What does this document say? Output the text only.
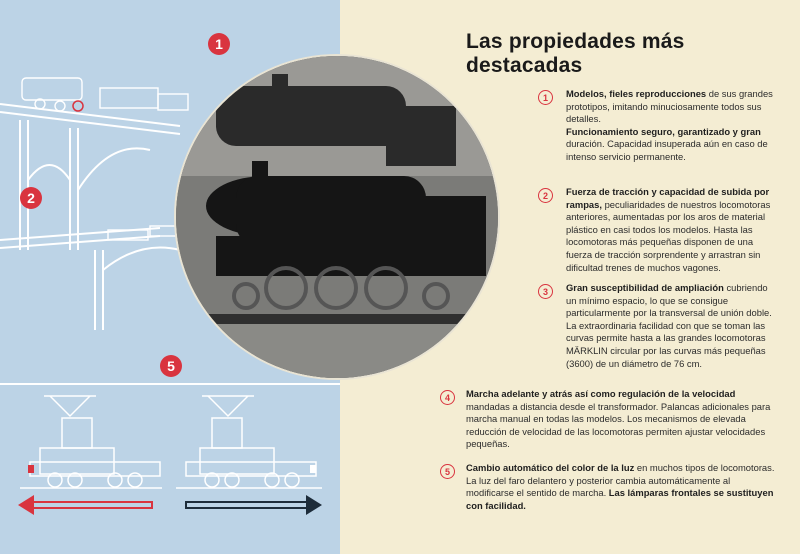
1
2
5
Las propiedades más destacadas
1	Modelos, fieles reproducciones de sus grandes prototipos, imitando minuciosamente todos sus detalles.

Funcionamiento seguro, garantizado y gran duración. Capacidad insuperada aún en caso de intenso servicio permanente.

2	Fuerza de tracción y capacidad de subida por rampas, peculiaridades de nuestros locomotoras anteriores, aumentadas por los aros de material plástico en casi todos los modelos. Hasta las locomotoras más pequeñas disponen de una fuerza de tracción sorprendente y arrastran sin dificultad trenes de muchos vagones.

3	Gran susceptibilidad de ampliación cubriendo un mínimo espacio, lo que se consigue particularmente por la transversal de unión doble. La extraordinaria facilidad con que se toman las curvas permite hasta a las grandes locomotoras MÄRKLIN circular por las curvas más pequeñas (3600) de un diámetro de 76 cm.

4	Marcha adelante y atrás así como regulación de la velocidad mandadas a distancia desde el transformador. Palancas adicionales para marcha manual en todas las modelos. Los mecanismos de elevada reducción de velocidad de las locomotoras permiten ajustar velocidades pequeñas.

5	Cambio automático del color de la luz en muchos tipos de locomotoras. La luz del faro delantero y posterior cambia automáticamente al modificarse el sentido de marcha. Las lámparas frontales se sustituyen con facilidad.
